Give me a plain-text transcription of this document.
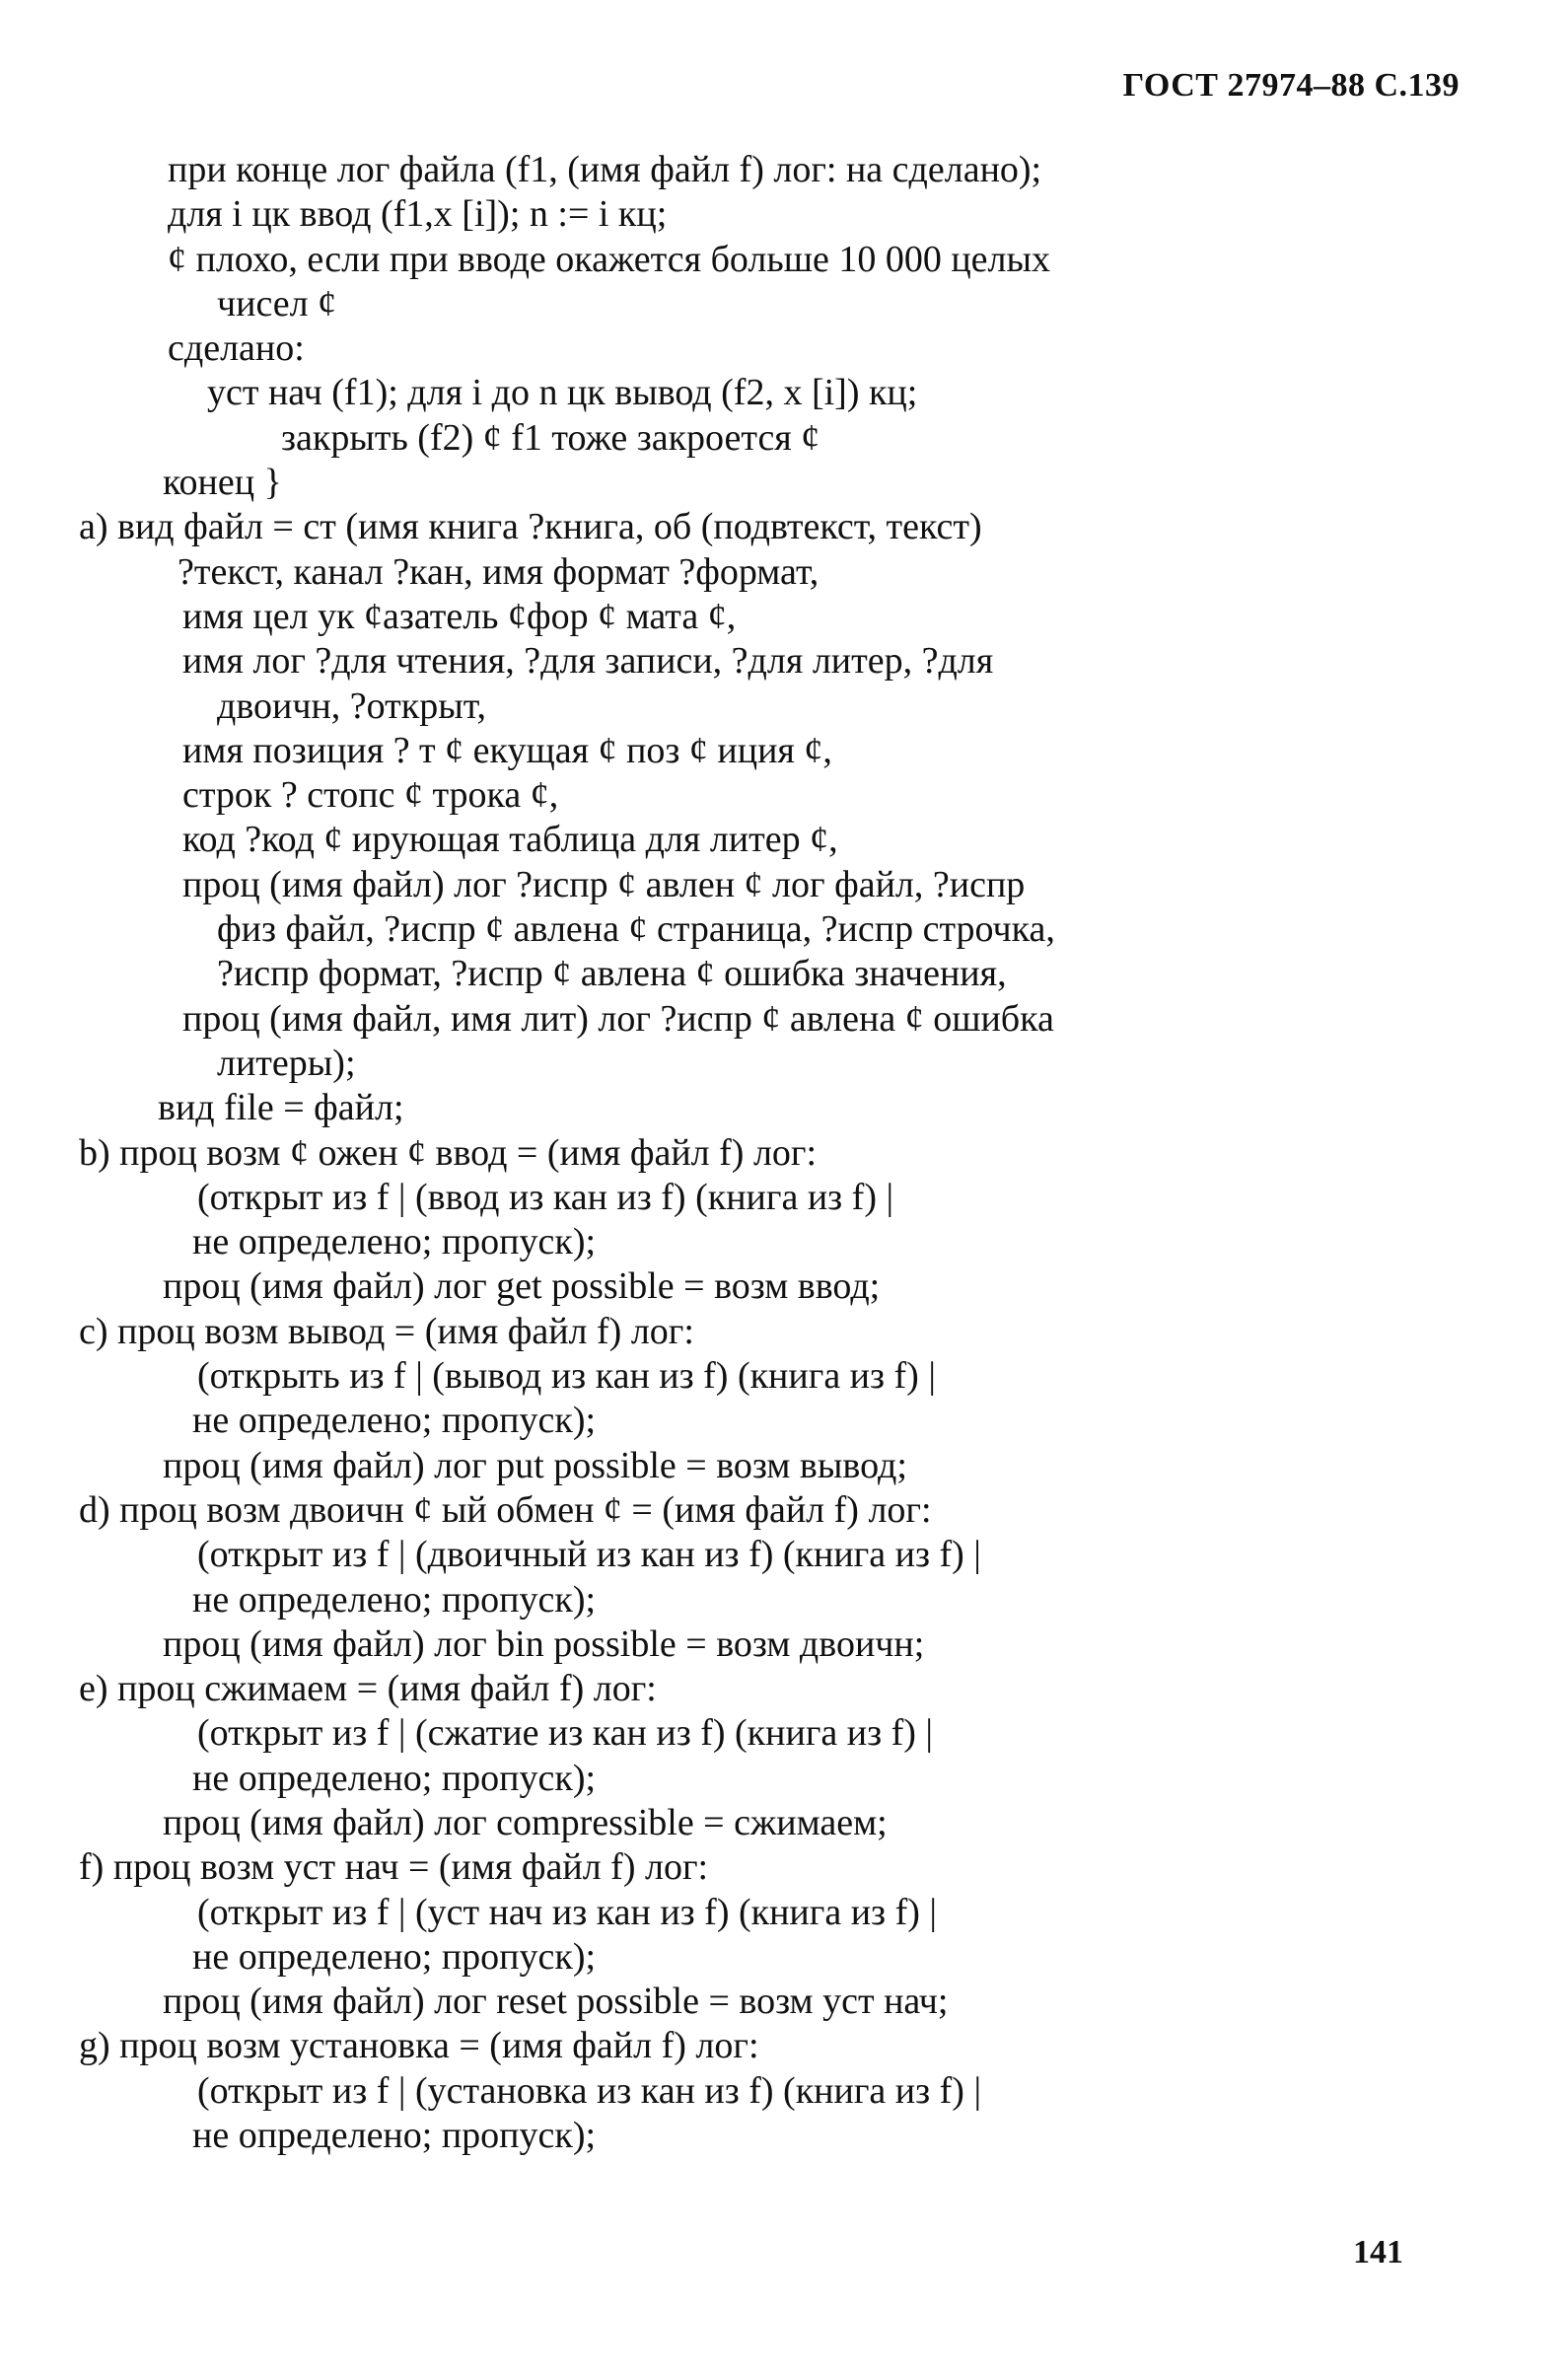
ГОСТ 27974–88 С.139
при конце лог файла (f1, (имя файл f) лог: на сделано);
для i цк ввод (f1,x [i]); n := i кц;
¢ плохо, если при вводе окажется больше 10 000 целых
чисел ¢
сделано:
уст нач (f1); для i до n цк вывод (f2, x [i]) кц;
закрыть (f2) ¢ f1 тоже закроется ¢
конец }
a) вид файл = ст (имя книга ?книга, об (подвтекст, текст)
?текст, канал ?кан, имя формат ?формат,
имя цел ук ¢азатель ¢фор ¢ мата ¢,
имя лог ?для чтения, ?для записи, ?для литер, ?для
двоичн, ?открыт,
имя позиция ? т ¢ екущая ¢ поз ¢ иция ¢,
строк ? стопс ¢ трока ¢,
код ?код ¢ ирующая таблица для литер ¢,
проц (имя файл) лог ?испр ¢ авлен ¢ лог файл, ?испр
физ файл, ?испр ¢ авлена ¢ страница, ?испр строчка,
?испр формат, ?испр ¢ авлена ¢ ошибка значения,
проц (имя файл, имя лит) лог ?испр ¢ авлена ¢ ошибка
литеры);
вид file = файл;
b) проц возм ¢ ожен ¢ ввод = (имя файл f) лог:
(открыт из f | (ввод из кан из f) (книга из f) |
не определено; пропуск);
проц (имя файл) лог get possible = возм ввод;
c) проц возм вывод = (имя файл f) лог:
(открыть из f | (вывод из кан из f) (книга из f) |
не определено; пропуск);
проц (имя файл) лог put possible = возм вывод;
d) проц возм двоичн ¢ ый обмен ¢ = (имя файл f) лог:
(открыт из f | (двоичный из кан из f) (книга из f) |
не определено; пропуск);
проц (имя файл) лог bin possible = возм двоичн;
e) проц сжимаем = (имя файл f) лог:
(открыт из f | (сжатие из кан из f) (книга из f) |
не определено; пропуск);
проц (имя файл) лог compressible = сжимаем;
f) проц возм уст нач = (имя файл f) лог:
(открыт из f | (уст нач из кан из f) (книга из f) |
не определено; пропуск);
проц (имя файл) лог reset possible = возм уст нач;
g) проц возм установка = (имя файл f) лог:
(открыт из f | (установка из кан из f) (книга из f) |
не определено; пропуск);
141
